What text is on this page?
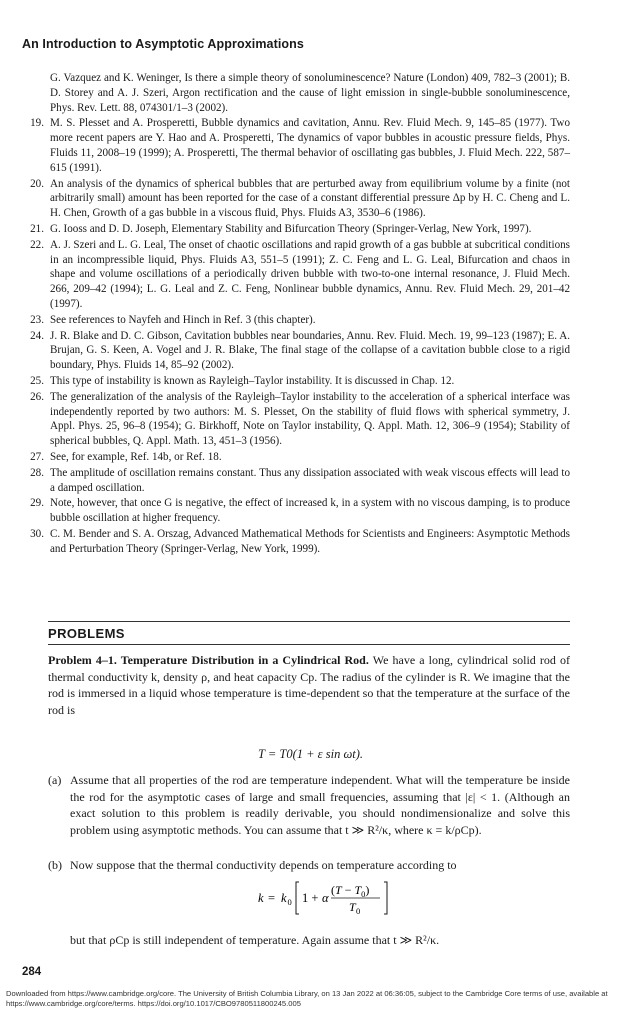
An Introduction to Asymptotic Approximations
G. Vazquez and K. Weninger, Is there a simple theory of sonoluminescence? Nature (London) 409, 782–3 (2001); B. D. Storey and A. J. Szeri, Argon rectification and the cause of light emission in single-bubble sonoluminescence, Phys. Rev. Lett. 88, 074301/1–3 (2002).
19. M. S. Plesset and A. Prosperetti, Bubble dynamics and cavitation, Annu. Rev. Fluid Mech. 9, 145–85 (1977). Two more recent papers are Y. Hao and A. Prosperetti, The dynamics of vapor bubbles in acoustic pressure fields, Phys. Fluids 11, 2008–19 (1999); A. Prosperetti, The thermal behavior of oscillating gas bubbles, J. Fluid Mech. 222, 587–615 (1991).
20. An analysis of the dynamics of spherical bubbles that are perturbed away from equilibrium volume by a finite (not arbitrarily small) amount has been reported for the case of a constant differential pressure Δp by H. C. Cheng and L. H. Chen, Growth of a gas bubble in a viscous fluid, Phys. Fluids A3, 3530–6 (1986).
21. G. Iooss and D. D. Joseph, Elementary Stability and Bifurcation Theory (Springer-Verlag, New York, 1997).
22. A. J. Szeri and L. G. Leal, The onset of chaotic oscillations and rapid growth of a gas bubble at subcritical conditions in an incompressible liquid, Phys. Fluids A3, 551–5 (1991); Z. C. Feng and L. G. Leal, Bifurcation and chaos in shape and volume oscillations of a periodically driven bubble with two-to-one internal resonance, J. Fluid Mech. 266, 209–42 (1994); L. G. Leal and Z. C. Feng, Nonlinear bubble dynamics, Annu. Rev. Fluid Mech. 29, 201–42 (1997).
23. See references to Nayfeh and Hinch in Ref. 3 (this chapter).
24. J. R. Blake and D. C. Gibson, Cavitation bubbles near boundaries, Annu. Rev. Fluid. Mech. 19, 99–123 (1987); E. A. Brujan, G. S. Keen, A. Vogel and J. R. Blake, The final stage of the collapse of a cavitation bubble close to a rigid boundary, Phys. Fluids 14, 85–92 (2002).
25. This type of instability is known as Rayleigh–Taylor instability. It is discussed in Chap. 12.
26. The generalization of the analysis of the Rayleigh–Taylor instability to the acceleration of a spherical interface was independently reported by two authors: M. S. Plesset, On the stability of fluid flows with spherical symmetry, J. Appl. Phys. 25, 96–8 (1954); G. Birkhoff, Note on Taylor instability, Q. Appl. Math. 12, 306–9 (1954); Stability of spherical bubbles, Q. Appl. Math. 13, 451–3 (1956).
27. See, for example, Ref. 14b, or Ref. 18.
28. The amplitude of oscillation remains constant. Thus any dissipation associated with weak viscous effects will lead to a damped oscillation.
29. Note, however, that once G is negative, the effect of increased k, in a system with no viscous damping, is to produce bubble oscillation at higher frequency.
30. C. M. Bender and S. A. Orszag, Advanced Mathematical Methods for Scientists and Engineers: Asymptotic Methods and Perturbation Theory (Springer-Verlag, New York, 1999).
PROBLEMS
Problem 4–1. Temperature Distribution in a Cylindrical Rod. We have a long, cylindrical solid rod of thermal conductivity k, density ρ, and heat capacity Cp. The radius of the cylinder is R. We imagine that the rod is immersed in a liquid whose temperature is time-dependent so that the temperature at the surface of the rod is
T = T0(1 + ε sin ωt).
(a) Assume that all properties of the rod are temperature independent. What will the temperature be inside the rod for the asymptotic cases of large and small frequencies, assuming that |ε| < 1. (Although an exact solution to this problem is readily derivable, you should nondimensionalize and solve this problem using asymptotic methods. You can assume that t ≫ R²/κ, where κ = k/ρCp).
(b) Now suppose that the thermal conductivity depends on temperature according to
k = k 0 1 + α
$(T - T_0)$
T 0
but that ρCp is still independent of temperature. Again assume that t ≫ R²/κ.
284
Downloaded from https://www.cambridge.org/core. The University of British Columbia Library, on 13 Jan 2022 at 06:36:05, subject to the Cambridge Core terms of use, available at https://www.cambridge.org/core/terms. https://doi.org/10.1017/CBO9780511800245.005
